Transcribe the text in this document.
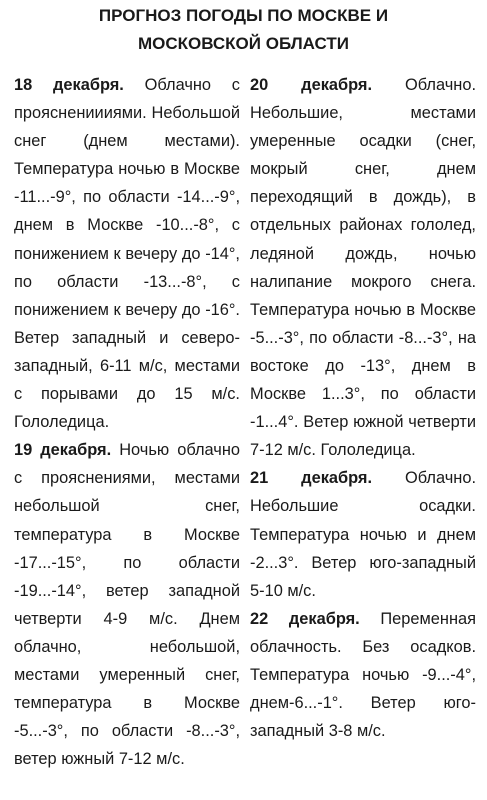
ПРОГНОЗ ПОГОДЫ ПО МОСКВЕ И МОСКОВСКОЙ ОБЛАСТИ

18 декабря. Облачно с прояснениииями. Небольшой снег (днем местами). Температура ночью в Москве -11...-9°, по области -14...-9°, днем в Москве -10...-8°, с понижением к вечеру до -14°, по области -13...-8°, с понижением к вечеру до -16°. Ветер западный и северо-западный, 6-11 м/с, местами с порывами до 15 м/с. Гололедица.

19 декабря. Ночью облачно с прояснениями, местами небольшой снег, температура в Москве -17...-15°, по области -19...-14°, ветер западной четверти 4-9 м/с. Днем облачно, небольшой, местами умеренный снег, температура в Москве -5...-3°, по области -8...-3°, ветер южный 7-12 м/с.

20 декабря. Облачно. Небольшие, местами умеренные осадки (снег, мокрый снег, днем переходящий в дождь), в отдельных районах гололед, ледяной дождь, ночью налипание мокрого снега. Температура ночью в Москве -5...-3°, по области -8...-3°, на востоке до -13°, днем в Москве 1...3°, по области -1...4°. Ветер южной четверти 7-12 м/с. Гололедица.

21 декабря. Облачно. Небольшие осадки. Температура ночью и днем -2...3°. Ветер юго-западный 5-10 м/с.

22 декабря. Переменная облачность. Без осадков. Температура ночью -9...-4°, днем-6...-1°. Ветер юго-западный 3-8 м/с.
